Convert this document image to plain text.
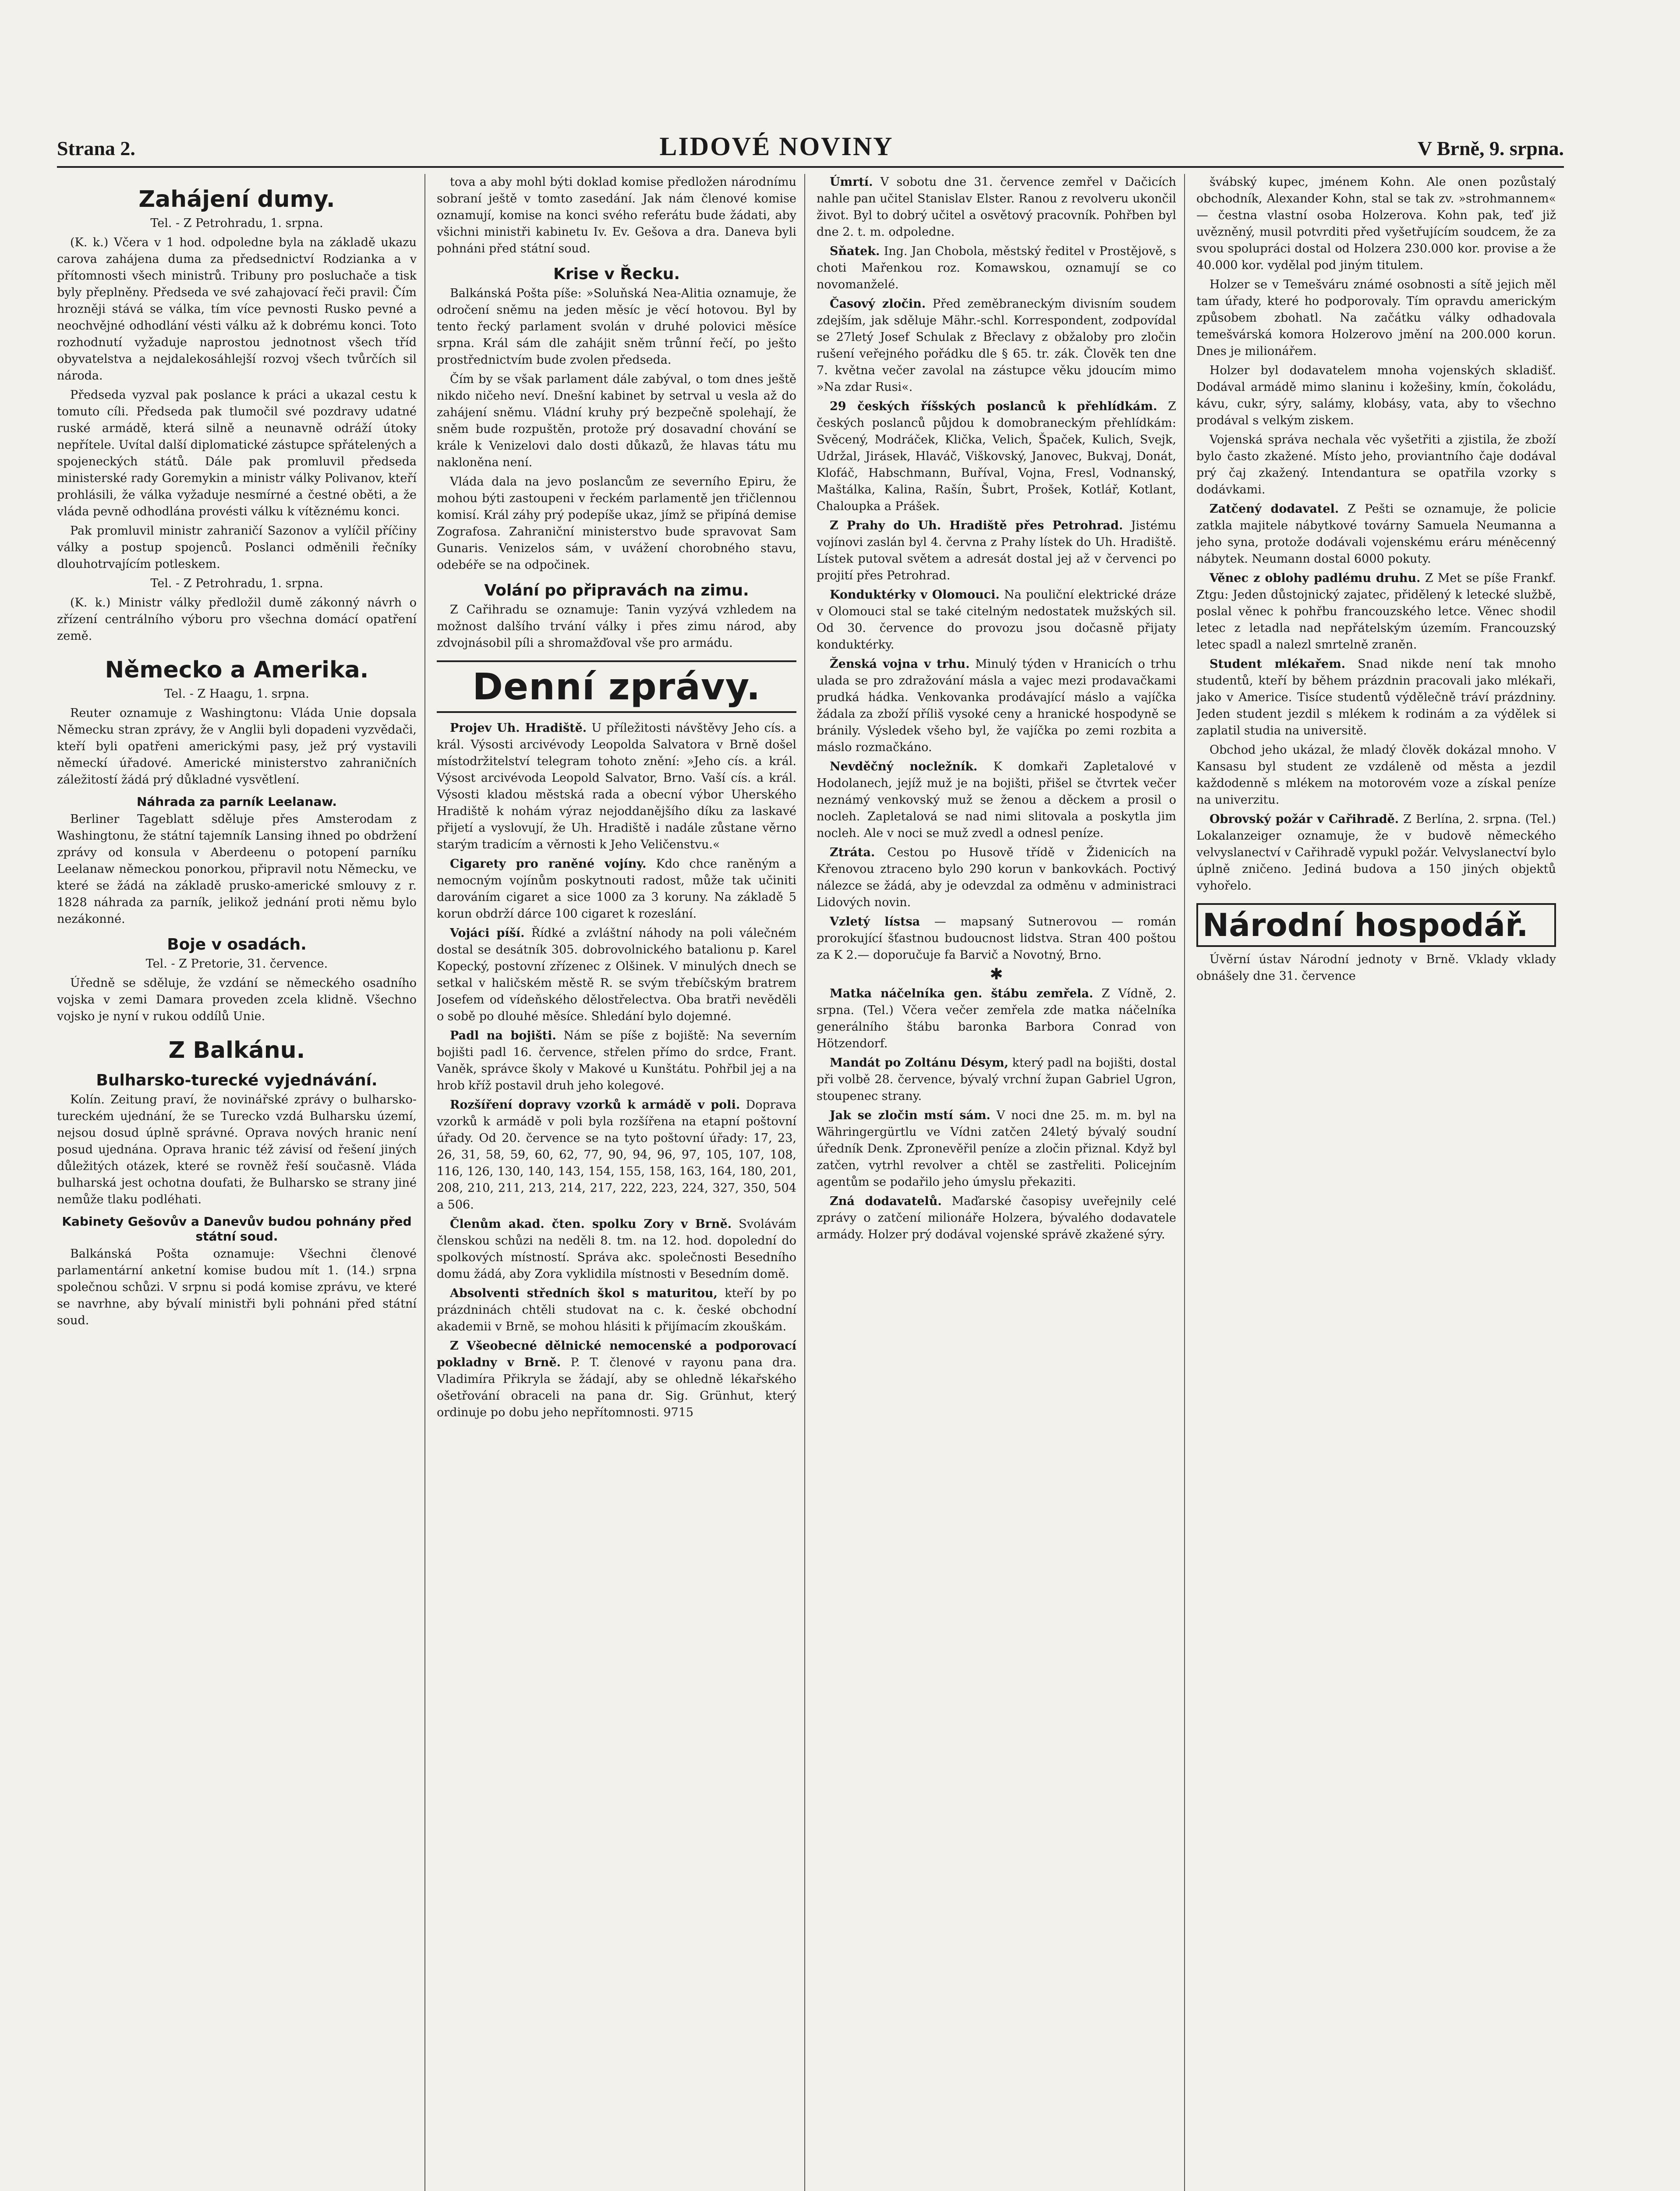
Strana 2.	LIDOVÉ NOVINY	V Brně, 9. srpna.
Zahájení dumy.

Tel. - Z Petrohradu, 1. srpna.

(K. k.) Včera v 1 hod. odpoledne byla na základě ukazu carova zahájena duma za předsednictví Rodzianka a v přítomnosti všech ministrů. Tribuny pro posluchače a tisk byly přeplněny. Předseda ve své zahajovací řeči pravil: Čím hrozněji stává se válka, tím více pevnosti Rusko pevné a neochvějné odhodlání vésti válku až k dobrému konci. Toto rozhodnutí vyžaduje naprostou jednotnost všech tříd obyvatelstva a nejdalekosáhlejší rozvoj všech tvůrčích sil národa.

Předseda vyzval pak poslance k práci a ukazal cestu k tomuto cíli. Předseda pak tlumočil své pozdravy udatné ruské armádě, která silně a neunavně odráží útoky nepřítele. Uvítal další diplomatické zástupce spřátelených a spojeneckých států. Dále pak promluvil předseda ministerské rady Goremykin a ministr války Polivanov, kteří prohlásili, že válka vyžaduje nesmírné a čestné oběti, a že vláda pevně odhodlána provésti válku k vítěznému konci.

Pak promluvil ministr zahraničí Sazonov a vylíčil příčiny války a postup spojenců. Poslanci odměnili řečníky dlouhotrvajícím potleskem.

Tel. - Z Petrohradu, 1. srpna.

(K. k.) Ministr války předložil dumě zákonný návrh o zřízení centrálního výboru pro všechna domácí opatření země.

Německo a Amerika.

Tel. - Z Haagu, 1. srpna.

Reuter oznamuje z Washingtonu: Vláda Unie dopsala Německu stran zprávy, že v Anglii byli dopadeni vyzvědači, kteří byli opatřeni americkými pasy, jež prý vystavili německí úřadové. Americké ministerstvo zahraničních záležitostí žádá prý důkladné vysvětlení.

Náhrada za parník Leelanaw.

Berliner Tageblatt sděluje přes Amsterodam z Washingtonu, že státní tajemník Lansing ihned po obdržení zprávy od konsula v Aberdeenu o potopení parníku Leelanaw německou ponorkou, připravil notu Německu, ve které se žádá na základě prusko-americké smlouvy z r. 1828 náhrada za parník, jelikož jednání proti němu bylo nezákonné.

Boje v osadách.

Tel. - Z Pretorie, 31. července.

Úředně se sděluje, že vzdání se německého osadního vojska v zemi Damara proveden zcela klidně. Všechno vojsko je nyní v rukou oddílů Unie.

Z Balkánu.
Bulharsko-turecké vyjednávání.

Kolín. Zeitung praví, že novinářské zprávy o bulharsko-tureckém ujednání, že se Turecko vzdá Bulharsku území, nejsou dosud úplně správné. Oprava nových hranic není posud ujednána. Oprava hranic též závisí od řešení jiných důležitých otázek, které se rovněž řeší současně. Vláda bulharská jest ochotna doufati, že Bulharsko se strany jiné nemůže tlaku podléhati.

Kabinety Gešovův a Danevův budou pohnány před státní soud.

Balkánská Pošta oznamuje: Všechni členové parlamentární anketní komise budou mít 1. (14.) srpna společnou schůzi. V srpnu si podá komise zprávu, ve které se navrhne, aby bývalí ministři byli pohnáni před státní soud.

tova a aby mohl býti doklad komise předložen národnímu sobraní ještě v tomto zasedání. Jak nám členové komise oznamují, komise na konci svého referátu bude žádati, aby všichni ministři kabinetu Iv. Ev. Gešova a dra. Daneva byli pohnáni před státní soud.

Krise v Řecku.

Balkánská Pošta píše: »Soluňská Nea-Alitia oznamuje, že odročení sněmu na jeden měsíc je věcí hotovou. Byl by tento řecký parlament svolán v druhé polovici měsíce srpna. Král sám dle zahájit sněm trůnní řečí, po ješto prostřednictvím bude zvolen předseda.

Čím by se však parlament dále zabýval, o tom dnes ještě nikdo ničeho neví. Dnešní kabinet by setrval u vesla až do zahájení sněmu. Vládní kruhy prý bezpečně spolehají, že sněm bude rozpuštěn, protože prý dosavadní chování se krále k Venizelovi dalo dosti důkazů, že hlavas tátu mu nakloněna není.

Vláda dala na jevo poslancům ze severního Epiru, že mohou býti zastoupeni v řeckém parlamentě jen třičlennou komisí. Král záhy prý podepíše ukaz, jímž se připíná demise Zografosa. Zahraniční ministerstvo bude spravovat Sam Gunaris. Venizelos sám, v uvážení chorobného stavu, odebéře se na odpočinek.

Volání po připravách na zimu.

Z Cařihradu se oznamuje: Tanin vyzývá vzhledem na možnost dalšího trvání války i přes zimu národ, aby zdvojnásobil píli a shromažďoval vše pro armádu.

Denní zprávy.

Projev Uh. Hradiště. U příležitosti návštěvy Jeho cís. a král. Výsosti arcivévody Leopolda Salvatora v Brně došel místodržitelství telegram tohoto znění: »Jeho cís. a král. Výsost arcivévoda Leopold Salvator, Brno. Vaší cís. a král. Výsosti kladou městská rada a obecní výbor Uherského Hradiště k nohám výraz nejoddanějšího díku za laskavé přijetí a vyslovují, že Uh. Hradiště i nadále zůstane věrno starým tradicím a věrnosti k Jeho Veličenstvu.«

Cigarety pro raněné vojíny. Kdo chce raněným a nemocným vojínům poskytnouti radost, může tak učiniti darováním cigaret a sice 1000 za 3 koruny. Na základě 5 korun obdrží dárce 100 cigaret k rozeslání.

Vojáci píší. Řídké a zvláštní náhody na poli válečném dostal se desátník 305. dobrovolnického batalionu p. Karel Kopecký, postovní zřízenec z Olšinek. V minulých dnech se setkal v haličském městě R. se svým třebíčským bratrem Josefem od vídeňského dělostřelectva. Oba bratři nevěděli o sobě po dlouhé měsíce. Shledání bylo dojemné.

Padl na bojišti. Nám se píše z bojiště: Na severním bojišti padl 16. července, střelen přímo do srdce, Frant. Vaněk, správce školy v Makové u Kunštátu. Pohřbil jej a na hrob kříž postavil druh jeho kolegové.

Rozšíření dopravy vzorků k armádě v poli. Doprava vzorků k armádě v poli byla rozšířena na etapní poštovní úřady. Od 20. července se na tyto poštovní úřady: 17, 23, 26, 31, 58, 59, 60, 62, 77, 90, 94, 96, 97, 105, 107, 108, 116, 126, 130, 140, 143, 154, 155, 158, 163, 164, 180, 201, 208, 210, 211, 213, 214, 217, 222, 223, 224, 327, 350, 504 a 506.

Členům akad. čten. spolku Zory v Brně. Svolávám členskou schůzi na neděli 8. tm. na 12. hod. dopolední do spolkových místností. Správa akc. společnosti Besedního domu žádá, aby Zora vyklidila místnosti v Besedním domě.

Absolventi středních škol s maturitou, kteří by po prázdninách chtěli studovat na c. k. české obchodní akademii v Brně, se mohou hlásiti k přijímacím zkouškám.

Z Všeobecné dělnické nemocenské a podporovací pokladny v Brně. P. T. členové v rayonu pana dra. Vladimíra Přikryla se žádají, aby se ohledně lékařského ošetřování obraceli na pana dr. Sig. Grünhut, který ordinuje po dobu jeho nepřítomnosti. 9715

Úmrtí. V sobotu dne 31. července zemřel v Dačicích nahle pan učitel Stanislav Elster. Ranou z revolveru ukončil život. Byl to dobrý učitel a osvětový pracovník. Pohřben byl dne 2. t. m. odpoledne.

Sňatek. Ing. Jan Chobola, městský ředitel v Prostějově, s choti Mařenkou roz. Komawskou, oznamují se co novomanželé.

Časový zločin. Před zeměbraneckým divisním soudem zdejším, jak sděluje Mähr.-schl. Korrespondent, zodpovídal se 27letý Josef Schulak z Břeclavy z obžaloby pro zločin rušení veřejného pořádku dle § 65. tr. zák. Člověk ten dne 7. května večer zavolal na zástupce věku jdoucím mimo »Na zdar Rusi«.

29 českých říšských poslanců k přehlídkám. Z českých poslanců půjdou k domobraneckým přehlídkám: Svěcený, Modráček, Klička, Velich, Špaček, Kulich, Svejk, Udržal, Jirásek, Hlaváč, Viškovský, Janovec, Bukvaj, Donát, Klofáč, Habschmann, Buříval, Vojna, Fresl, Vodnanský, Maštálka, Kalina, Rašín, Šubrt, Prošek, Kotlář, Kotlant, Chaloupka a Prášek.

Z Prahy do Uh. Hradiště přes Petrohrad. Jistému vojínovi zaslán byl 4. června z Prahy lístek do Uh. Hradiště. Lístek putoval světem a adresát dostal jej až v červenci po projití přes Petrohrad.

Konduktérky v Olomouci. Na pouliční elektrické dráze v Olomouci stal se také citelným nedostatek mužských sil. Od 30. července do provozu jsou dočasně přijaty konduktérky.

Ženská vojna v trhu. Minulý týden v Hranicích o trhu ulada se pro zdražování másla a vajec mezi prodavačkami prudká hádka. Venkovanka prodávající máslo a vajíčka žádala za zboží příliš vysoké ceny a hranické hospodyně se bránily. Výsledek všeho byl, že vajíčka po zemi rozbita a máslo rozmačkáno.

Nevděčný nocležník. K domkaři Zapletalové v Hodolanech, jejíž muž je na bojišti, přišel se čtvrtek večer neznámý venkovský muž se ženou a děckem a prosil o nocleh. Zapletalová se nad nimi slitovala a poskytla jim nocleh. Ale v noci se muž zvedl a odnesl peníze.

Ztráta. Cestou po Husově třídě v Židenicích na Křenovou ztraceno bylo 290 korun v bankovkách. Poctivý nálezce se žádá, aby je odevzdal za odměnu v administraci Lidových novin.

Vzletý lístsa — mapsaný Sutnerovou — román prorokující šťastnou budoucnost lidstva. Stran 400 poštou za K 2.— doporučuje fa Barvič a Novotný, Brno.

✱

Matka náčelníka gen. štábu zemřela. Z Vídně, 2. srpna. (Tel.) Včera večer zemřela zde matka náčelníka generálního štábu baronka Barbora Conrad von Hötzendorf.

Mandát po Zoltánu Désym, který padl na bojišti, dostal při volbě 28. července, bývalý vrchní župan Gabriel Ugron, stoupenec strany.

Jak se zločin mstí sám. V noci dne 25. m. m. byl na Währingergürtlu ve Vídni zatčen 24letý bývalý soudní úředník Denk. Zpronevěřil peníze a zločin přiznal. Když byl zatčen, vytrhl revolver a chtěl se zastřeliti. Policejním agentům se podařilo jeho úmyslu překaziti.

Zná dodavatelů. Maďarské časopisy uveřejnily celé zprávy o zatčení milionáře Holzera, bývalého dodavatele armády. Holzer prý dodával vojenské správě zkažené sýry.

švábský kupec, jménem Kohn. Ale onen pozůstalý obchodník, Alexander Kohn, stal se tak zv. »strohmannem« — čestna vlastní osoba Holzerova. Kohn pak, teď již uvězněný, musil potvrditi před vyšetřujícím soudcem, že za svou spolupráci dostal od Holzera 230.000 kor. provise a že 40.000 kor. vydělal pod jiným titulem.

Holzer se v Temešváru známé osobnosti a sítě jejich měl tam úřady, které ho podporovaly. Tím opravdu americkým způsobem zbohatl. Na začátku války odhadovala temešvárská komora Holzerovo jmění na 200.000 korun. Dnes je milionářem.

Holzer byl dodavatelem mnoha vojenských skladišť. Dodával armádě mimo slaninu i kožešiny, kmín, čokoládu, kávu, cukr, sýry, salámy, klobásy, vata, aby to všechno prodával s velkým ziskem.

Vojenská správa nechala věc vyšetřiti a zjistila, že zboží bylo často zkažené. Místo jeho, proviantního čaje dodával prý čaj zkažený. Intendantura se opatřila vzorky s dodávkami.

Zatčený dodavatel. Z Pešti se oznamuje, že policie zatkla majitele nábytkové továrny Samuela Neumanna a jeho syna, protože dodávali vojenskému eráru méněcenný nábytek. Neumann dostal 6000 pokuty.

Věnec z oblohy padlému druhu. Z Met se píše Frankf. Ztgu: Jeden důstojnický zajatec, přidělený k letecké službě, poslal věnec k pohřbu francouzského letce. Věnec shodil letec z letadla nad nepřátelským územím. Francouzský letec spadl a nalezl smrtelně zraněn.

Student mlékařem. Snad nikde není tak mnoho studentů, kteří by během prázdnin pracovali jako mlékaři, jako v Americe. Tisíce studentů výdělečně tráví prázdniny. Jeden student jezdil s mlékem k rodinám a za výdělek si zaplatil studia na universitě.

Obchod jeho ukázal, že mladý člověk dokázal mnoho. V Kansasu byl student ze vzdáleně od města a jezdil každodenně s mlékem na motorovém voze a získal peníze na univerzitu.

Obrovský požár v Cařihradě. Z Berlína, 2. srpna. (Tel.) Lokalanzeiger oznamuje, že v budově německého velvyslanectví v Cařihradě vypukl požár. Velvyslanectví bylo úplně zničeno. Jediná budova a 150 jiných objektů vyhořelo.

Národní hospodář.

Úvěrní ústav Národní jednoty v Brně. Vklady vklady obnášely dne 31. července
